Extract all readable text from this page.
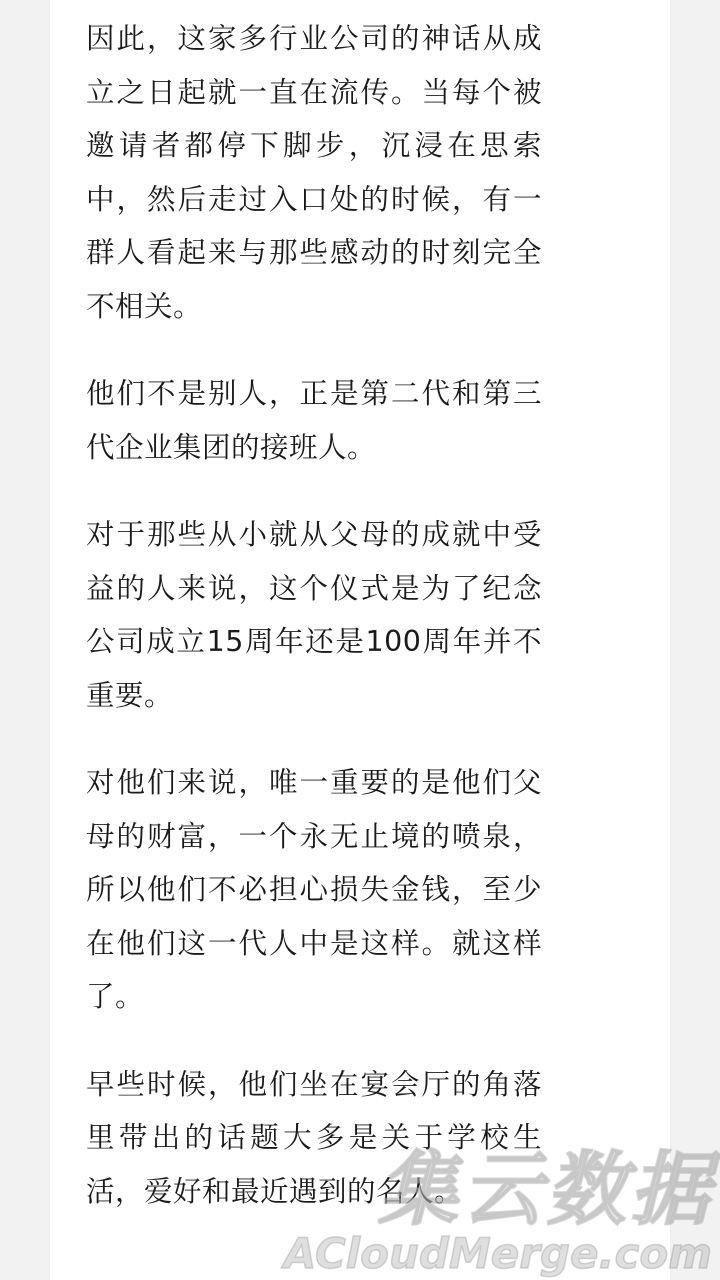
因此，这家多行业公司的神话从成立之日起就一直在流传。当每个被邀请者都停下脚步，沉浸在思索中，然后走过入口处的时候，有一群人看起来与那些感动的时刻完全不相关。

他们不是别人，正是第二代和第三代企业集团的接班人。

对于那些从小就从父母的成就中受益的人来说，这个仪式是为了纪念公司成立15周年还是100周年并不重要。

对他们来说，唯一重要的是他们父母的财富，一个永无止境的喷泉，所以他们不必担心损失金钱，至少在他们这一代人中是这样。就这样了。

早些时候，他们坐在宴会厅的角落里带出的话题大多是关于学校生活，爱好和最近遇到的名人。

集云数据
ACloudMerge.com
